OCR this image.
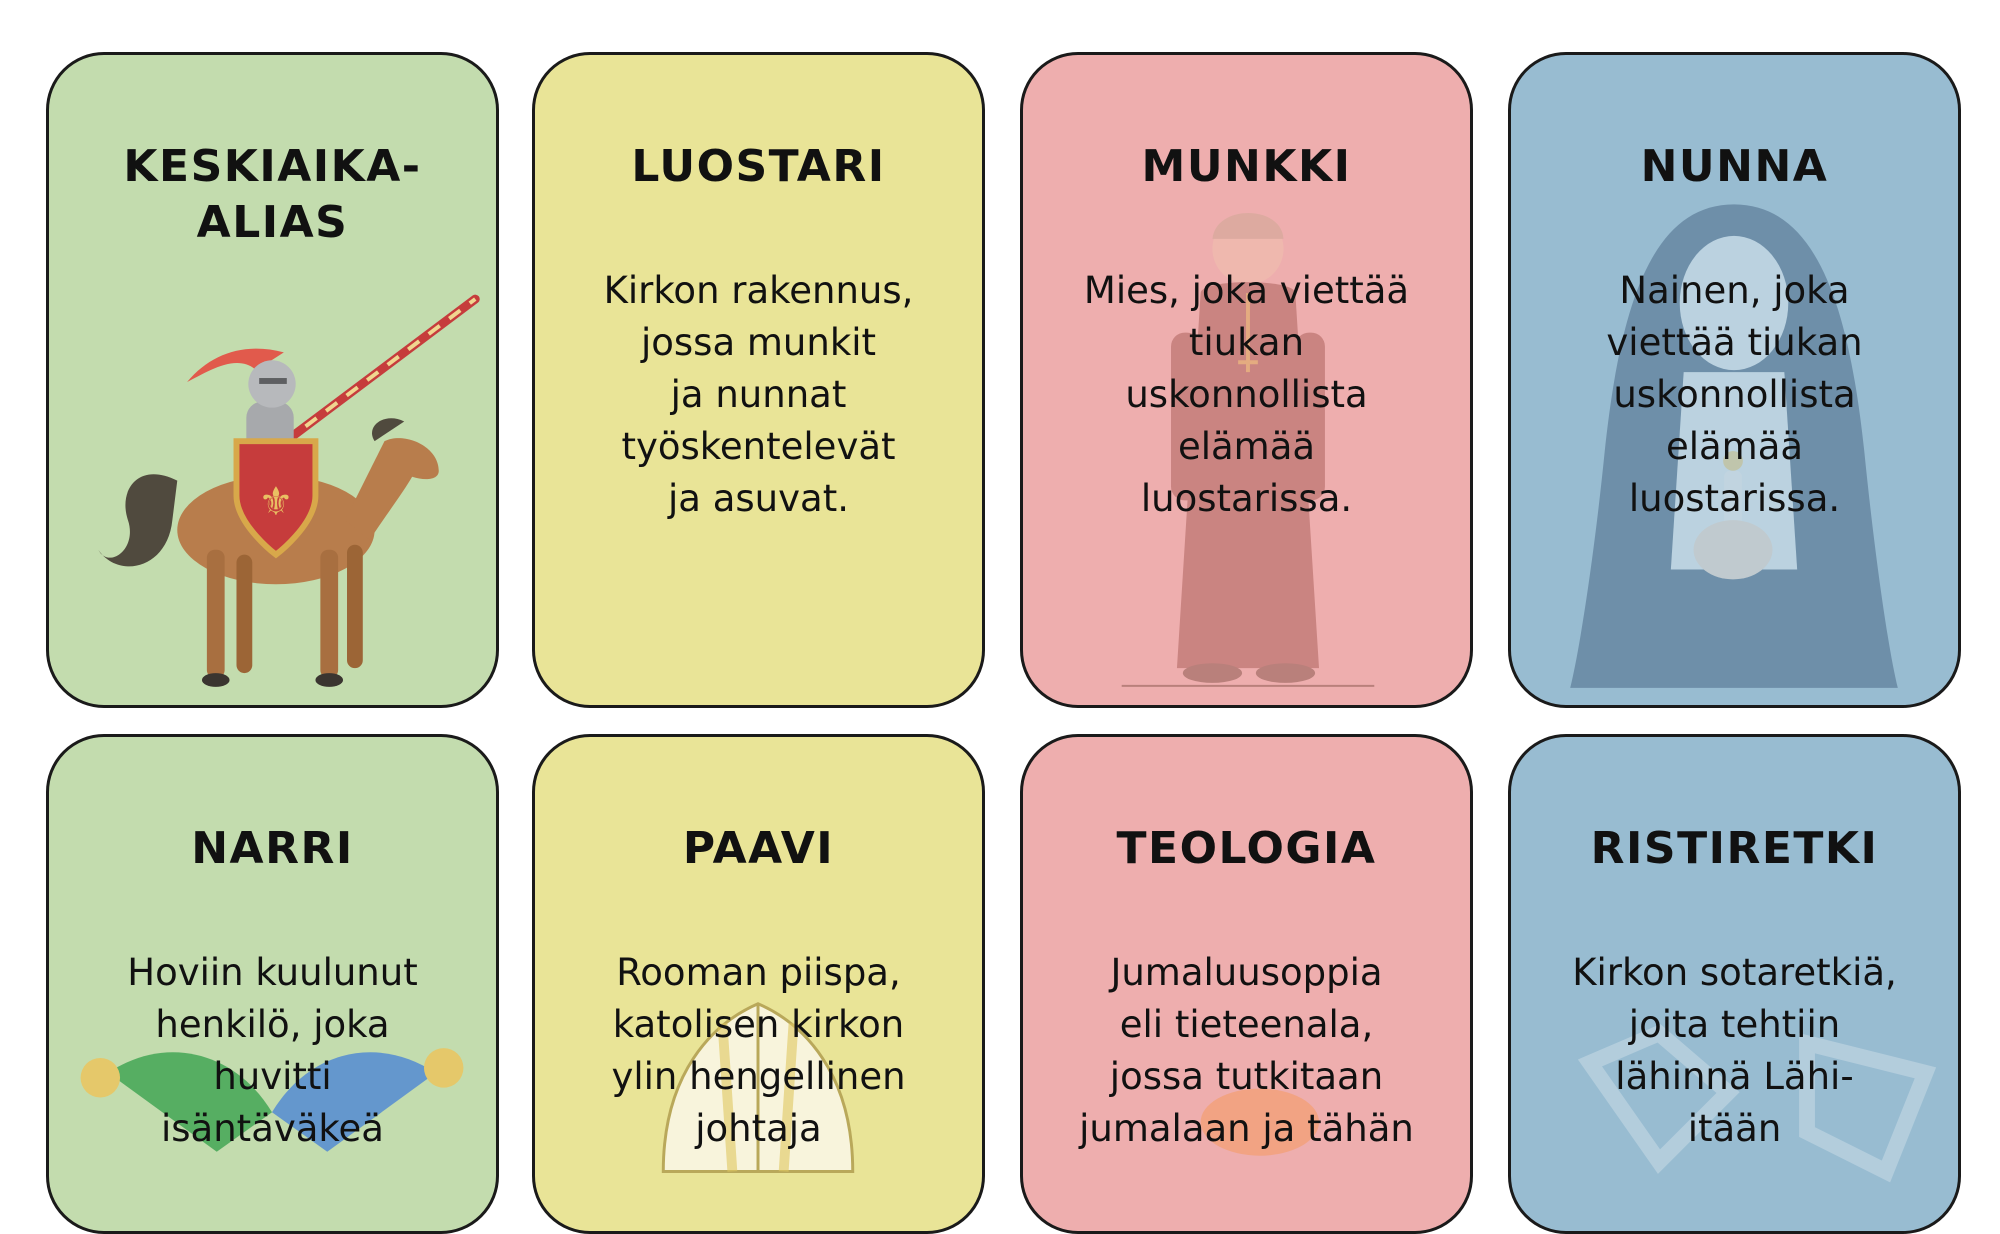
⚜
KESKIAIKA-
ALIAS
LUOSTARI
Kirkon rakennus,
jossa munkit
ja nunnat
työskentelevät
ja asuvat.
MUNKKI
Mies, joka viettää
tiukan
uskonnollista
elämää
luostarissa.
NUNNA
Nainen, joka
viettää tiukan
uskonnollista
elämää
luostarissa.
NARRI
Hoviin kuulunut
henkilö, joka
huvitti
isäntäväkeä
PAAVI
Rooman piispa,
katolisen kirkon
ylin hengellinen
johtaja
TEOLOGIA
Jumaluusoppia
eli tieteenala,
jossa tutkitaan
jumalaan ja tähän
RISTIRETKI
Kirkon sotaretkiä,
joita tehtiin
lähinnä Lähi-
itään
